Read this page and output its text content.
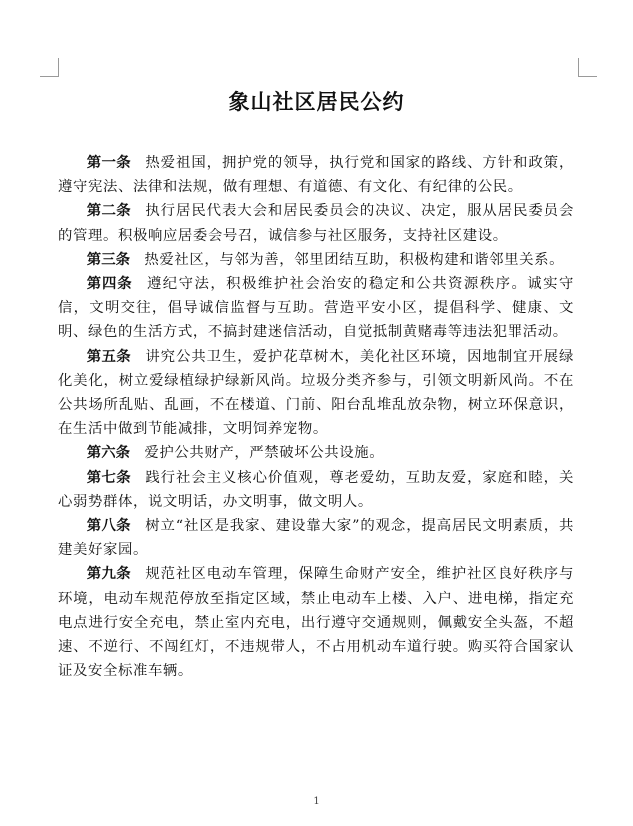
象山社区居民公约

第一条 热爱祖国，拥护党的领导，执行党和国家的路线、方针和政策，遵守宪法、法律和法规，做有理想、有道德、有文化、有纪律的公民。

第二条 执行居民代表大会和居民委员会的决议、决定，服从居民委员会的管理。积极响应居委会号召，诚信参与社区服务，支持社区建设。

第三条 热爱社区，与邻为善，邻里团结互助，积极构建和谐邻里关系。

第四条 遵纪守法，积极维护社会治安的稳定和公共资源秩序。诚实守信，文明交往，倡导诚信监督与互助。营造平安小区，提倡科学、健康、文明、绿色的生活方式，不搞封建迷信活动，自觉抵制黄赌毒等违法犯罪活动。

第五条 讲究公共卫生，爱护花草树木，美化社区环境，因地制宜开展绿化美化，树立爱绿植绿护绿新风尚。垃圾分类齐参与，引领文明新风尚。不在公共场所乱贴、乱画，不在楼道、门前、阳台乱堆乱放杂物，树立环保意识，在生活中做到节能减排，文明饲养宠物。

第六条 爱护公共财产，严禁破坏公共设施。

第七条 践行社会主义核心价值观，尊老爱幼，互助友爱，家庭和睦，关心弱势群体，说文明话，办文明事，做文明人。

第八条 树立“社区是我家、建设靠大家”的观念，提高居民文明素质，共建美好家园。

第九条 规范社区电动车管理，保障生命财产安全，维护社区良好秩序与环境，电动车规范停放至指定区域，禁止电动车上楼、入户、进电梯，指定充电点进行安全充电，禁止室内充电，出行遵守交通规则，佩戴安全头盔，不超速、不逆行、不闯红灯，不违规带人，不占用机动车道行驶。购买符合国家认证及安全标准车辆。

1
